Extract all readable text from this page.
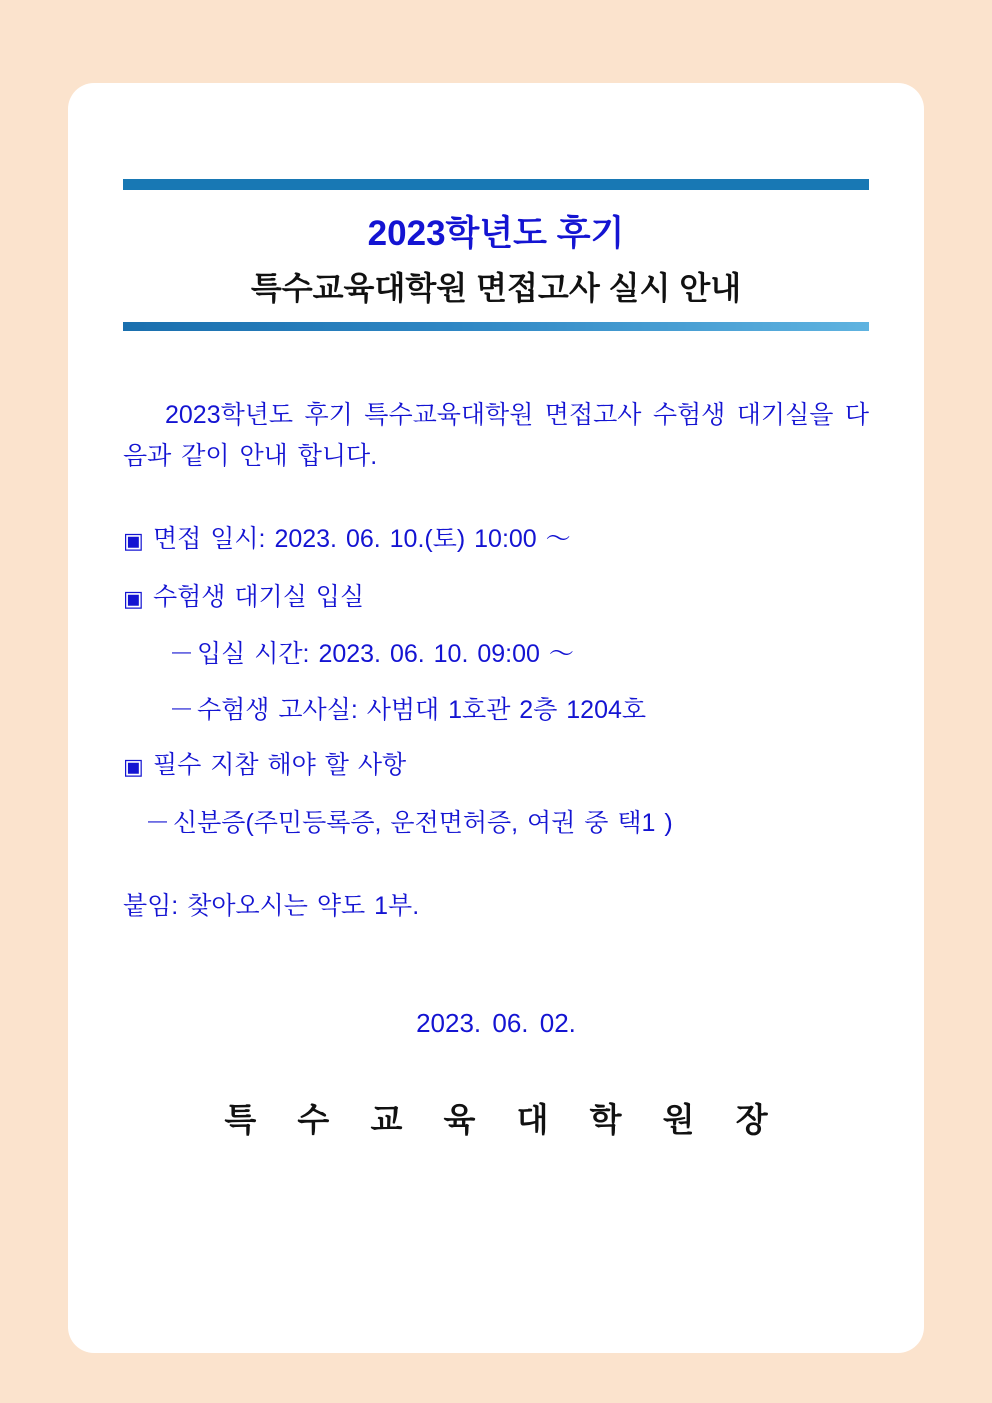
2023학년도 후기
특수교육대학원 면접고사 실시 안내

2023학년도 후기 특수교육대학원 면접고사 수험생 대기실을 다음과 같이 안내 합니다.

▣ 면접 일시: 2023. 06. 10.(토) 10:00 ～
▣ 수험생 대기실 입실
－ 입실 시간: 2023. 06. 10. 09:00 ～
－ 수험생 고사실: 사범대 1호관 2층 1204호
▣ 필수 지참 해야 할 사항
－ 신분증(주민등록증, 운전면허증, 여권 중 택1 )
붙임: 찾아오시는 약도 1부.
2023. 06. 02.
특 수 교 육 대 학 원 장
